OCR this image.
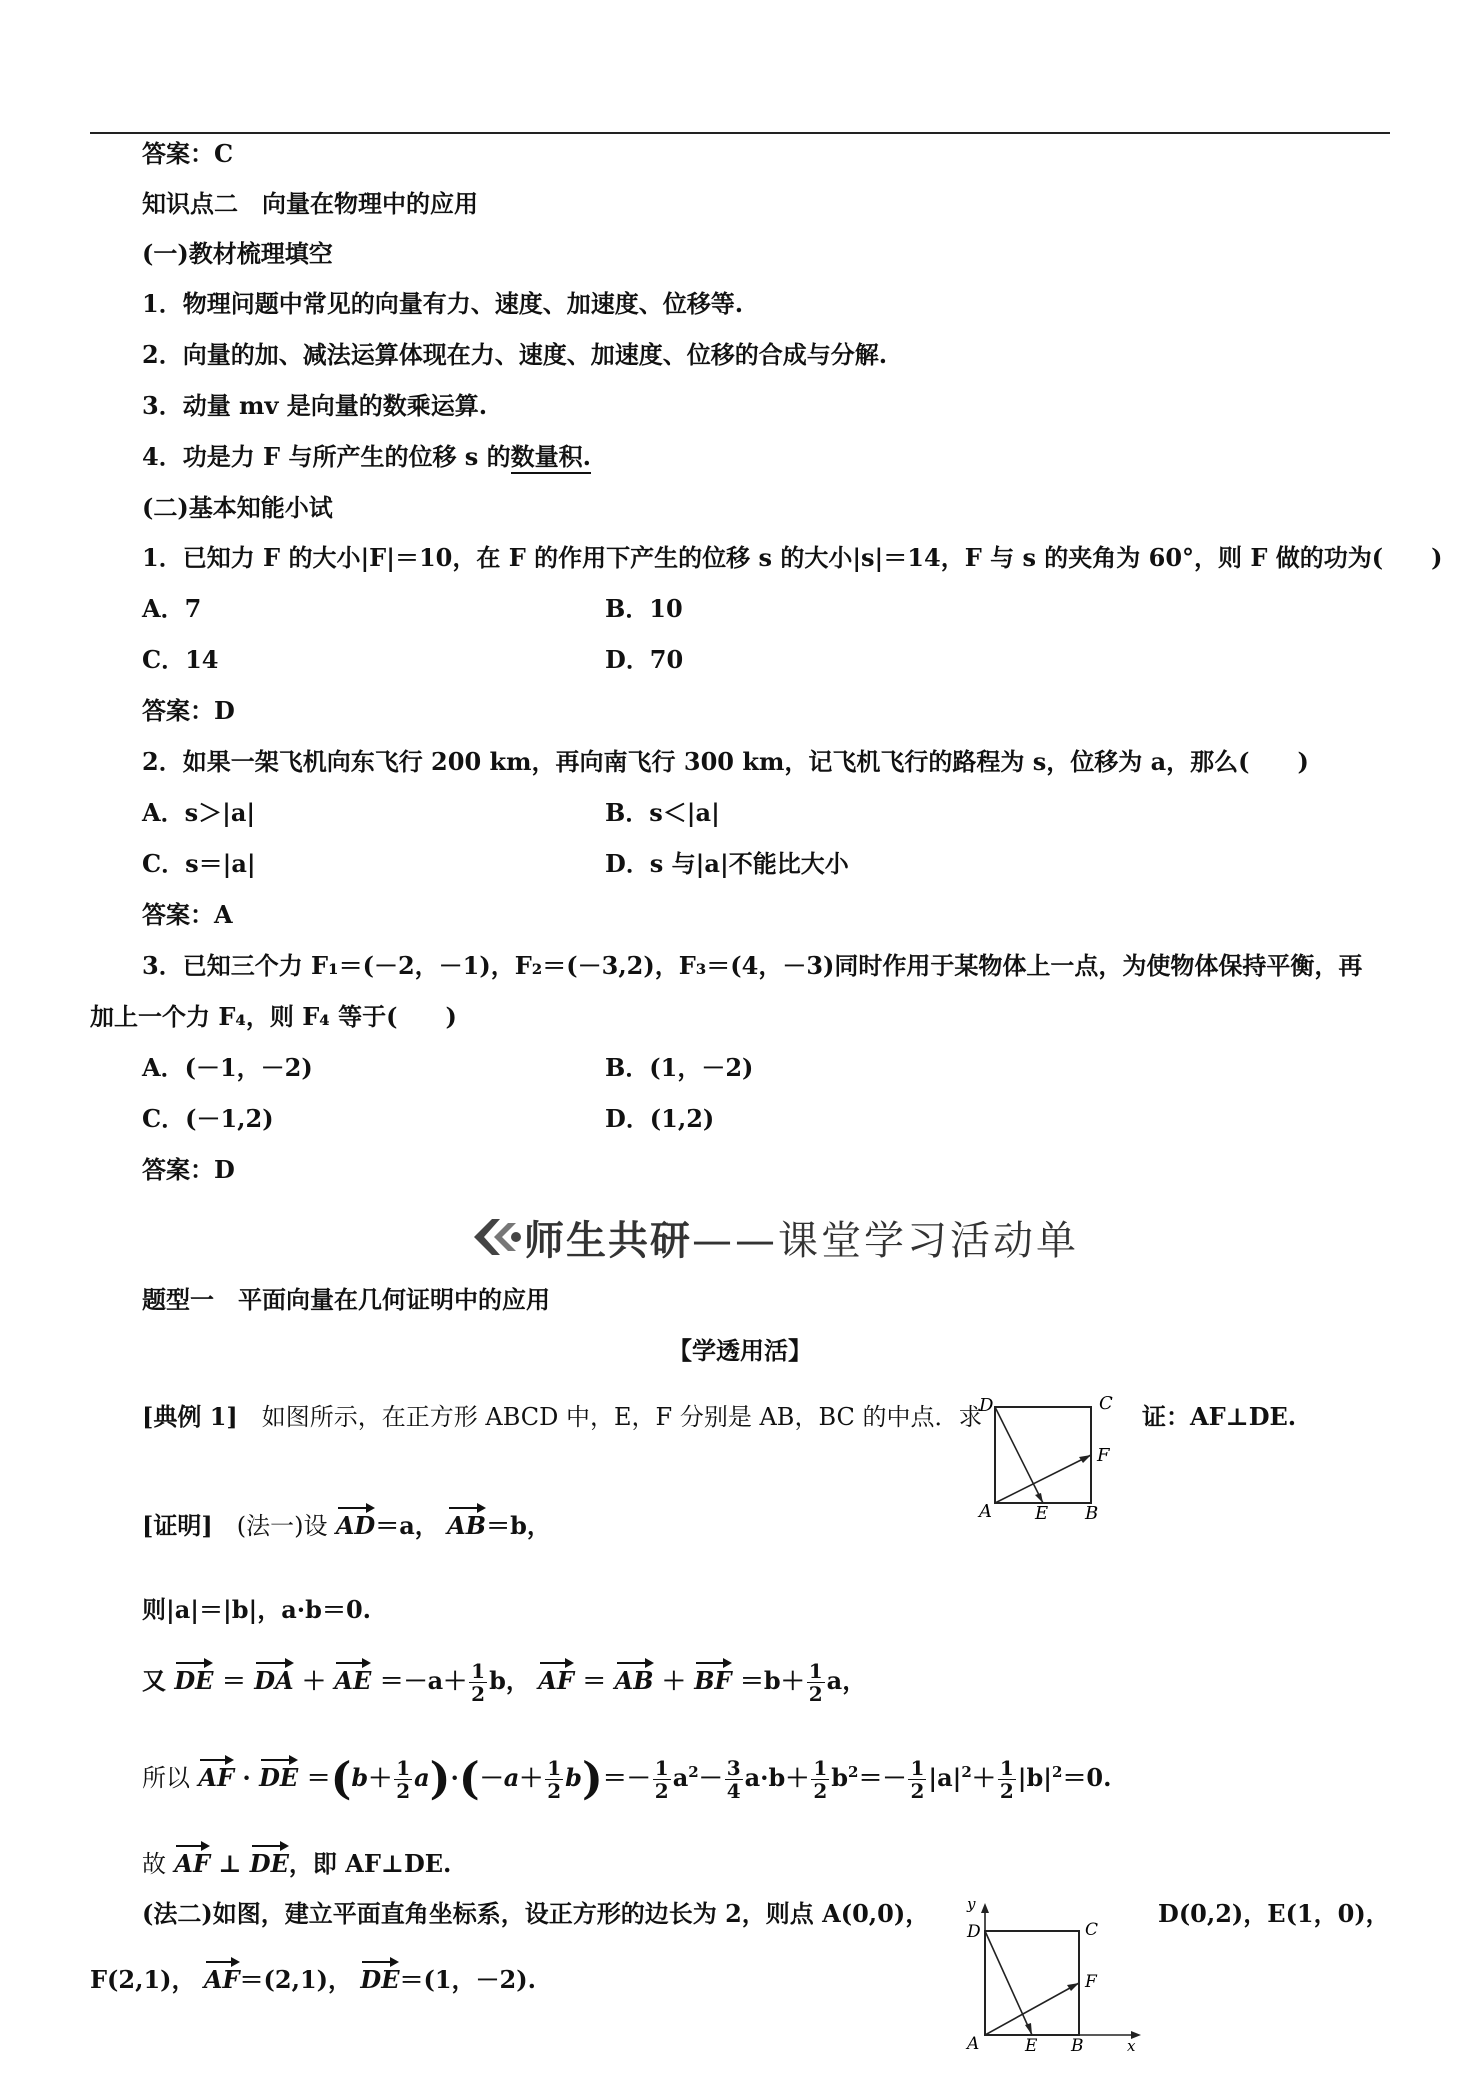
答案：C
知识点二　向量在物理中的应用
(一)教材梳理填空
1．物理问题中常见的向量有力、速度、加速度、位移等.
2．向量的加、减法运算体现在力、速度、加速度、位移的合成与分解.
3．动量 mv 是向量的数乘运算.
4．功是力 F 与所产生的位移 s 的数量积.　
(二)基本知能小试
1．已知力 F 的大小|F|＝10，在 F 的作用下产生的位移 s 的大小|s|＝14，F 与 s 的夹角为 60°，则 F 做的功为(　　)
A．7	B．10
C．14	D．70
答案：D
2．如果一架飞机向东飞行 200 km，再向南飞行 300 km，记飞机飞行的路程为 s，位移为 a，那么(　　)
A．s＞|a|	B．s＜|a|
C．s＝|a|	D．s 与|a|不能比大小
答案：A
3．已知三个力 F₁＝(－2，－1)，F₂＝(－3,2)，F₃＝(4，－3)同时作用于某物体上一点，为使物体保持平衡，再
加上一个力 F₄，则 F₄ 等于(　　)
A．(－1，－2)	B．(1，－2)
C．(－1,2)	D．(1,2)
答案：D
师生共研 ——课堂学习活动单
题型一　平面向量在几何证明中的应用
【学透用活】
[典例 1]　 如图所示，在正方形 ABCD 中，E，F 分别是 AB，BC 的中点．求	证：AF⊥DE.
A E B
C
D
F
[证明]　 (法一)设 AD＝a， AB＝b，
则|a|＝|b|，a·b＝0.
又 DE ＝ DA ＋ AE $=-a+ \frac{1}{2}$ b， AF ＝ AB ＋ BF $=b+ \frac{1}{2}$ a，
所以 AF · DE $=(b+ \frac{1}{2} a)\cdot(-a+ \frac{1}{2} b)=- \frac{1}{2} a^2- \frac{3}{4} a\cdot b+ \frac{1}{2} b^2=- \frac{1}{2} |a|^2+ \frac{1}{2} |b|^2=0$.
故 AF ⊥ DE，即 AF⊥DE.
(法二)如图，建立平面直角坐标系，设正方形的边长为 2，则点 A(0,0)，	D(0,2)，E(1，0)，
F(2,1)， AF＝(2,1)， DE＝(1，－2).
A	E B	x
y
D	C
F
